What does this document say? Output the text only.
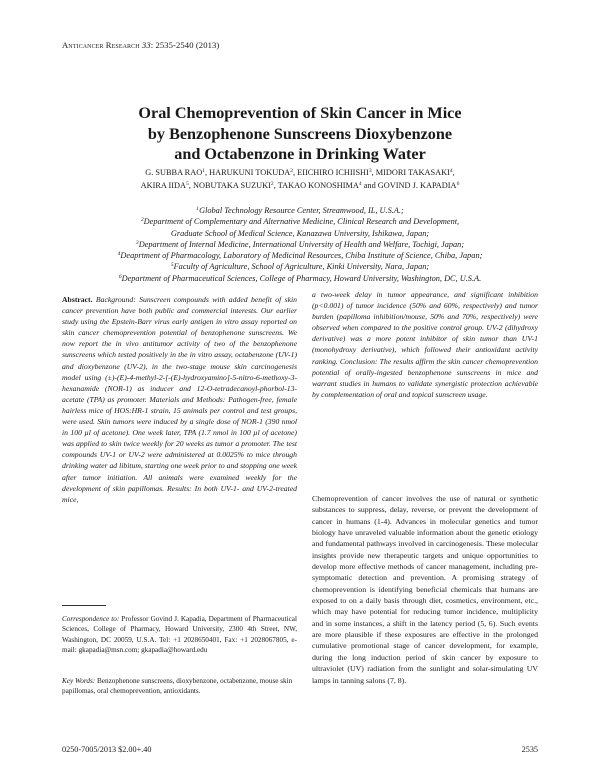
Anticancer Research 33: 2535-2540 (2013)
Oral Chemoprevention of Skin Cancer in Mice
by Benzophenone Sunscreens Dioxybenzone
and Octabenzone in Drinking Water
G. SUBBA RAO$^1$, HARUKUNI TOKUDA$^2$, EIICHIRO ICHIISHI$^3$, MIDORI TAKASAKI$^4$,
AKIRA IIDA$^5$, NOBUTAKA SUZUKI$^2$, TAKAO KONOSHIMA$^4$ and GOVIND J. KAPADIA$^6$
$^1$Global Technology Resource Center, Streamwood, IL, U.S.A.;
$^2$Department of Complementary and Alternative Medicine, Clinical Research and Development,
Graduate School of Medical Science, Kanazawa University, Ishikawa, Japan;
$^3$Department of Internal Medicine, International University of Health and Welfare, Tochigi, Japan;
$^4$Deaprtment of Pharmacology, Laboratory of Medicinal Resources, Chiba Institute of Science, Chiba, Japan;
$^5$Faculty of Agriculture, School of Agriculture, Kinki University, Nara, Japan;
$^6$Department of Pharmaceutical Sciences, College of Pharmacy, Howard University, Washington, DC, U.S.A.
Abstract. Background: Sunscreen compounds with added benefit of skin cancer prevention have both public and commercial interests. Our earlier study using the Epstein-Barr virus early antigen in vitro assay reported on skin cancer chemoprevention potential of benzophenone sunscreens. We now report the in vivo antitumor activity of two of the benzophenone sunscreens which tested positively in the in vitro assay, octabenzone (UV-1) and dioxybenzone (UV-2), in the two-stage mouse skin carcinogenesis model using (±)-(E)-4-methyl-2-[-(E)-hydroxyamino]-5-nitro-6-methoxy-3-hexanamide (NOR-1) as inducer and 12-O-tetradecanoyl-phorbol-13-acetate (TPA) as promoter. Materials and Methods: Pathogen-free, female hairless mice of HOS:HR-1 strain, 15 animals per control and test groups, were used. Skin tumors were induced by a single dose of NOR-1 (390 nmol in 100 µl of acetone). One week later, TPA (1.7 nmol in 100 µl of acetone) was applied to skin twice weekly for 20 weeks as tumor a promoter. The test compounds UV-1 or UV-2 were administered at 0.0025% to mice through drinking water ad libitum, starting one week prior to and stopping one week after tumor initiation. All animals were examined weekly for the development of skin papillomas. Results: In both UV-1- and UV-2-treated mice,
a two-week delay in tumor appearance, and significant inhibition (p<0.001) of tumor incidence (50% and 60%, respectively) and tumor burden (papilloma inhibition/mouse, 50% and 70%, respectively) were observed when compared to the positive control group. UV-2 (dihydroxy derivative) was a more potent inhibitor of skin tumor than UV-1 (monohydroxy derivative), which followed their antioxidant activity ranking. Conclusion: The results affirm the skin cancer chemoprevention potential of orally-ingested benzophenone sunscreens in mice and warrant studies in humans to validate synergistic protection achievable by complementation of oral and topical sunscreen usage.
Chemoprevention of cancer involves the use of natural or synthetic substances to suppress, delay, reverse, or prevent the development of cancer in humans (1-4). Advances in molecular genetics and tumor biology have unraveled valuable information about the genetic etiology and fundamental pathways involved in carcinogenesis. These molecular insights provide new therapeutic targets and unique opportunities to develop more effective methods of cancer management, including pre-symptomatic detection and prevention. A promising strategy of chemoprevention is identifying beneficial chemicals that humans are exposed to on a daily basis through diet, cosmetics, environment, etc., which may have potential for reducing tumor incidence, multiplicity and in some instances, a shift in the latency period (5, 6). Such events are more plausible if these exposures are effective in the prolonged cumulative promotional stage of cancer development, for example, during the long induction period of skin cancer by exposure to ultraviolet (UV) radiation from the sunlight and solar-simulating UV lamps in tanning salons (7, 8).
Correspondence to: Professor Govind J. Kapadia, Department of Pharmaceutical Sciences, College of Pharmacy, Howard University, 2300 4th Street, NW, Washington, DC 20059, U.S.A. Tel: +1 2028650401, Fax: +1 2028067805, e-mail: gkapadia@msn.com; gkapadia@howard.edu
Key Words: Benzophenone sunscreens, dioxybenzone, octabenzone, mouse skin papillomas, oral chemoprevention, antioxidants.
0250-7005/2013 $2.00+.40	2535
